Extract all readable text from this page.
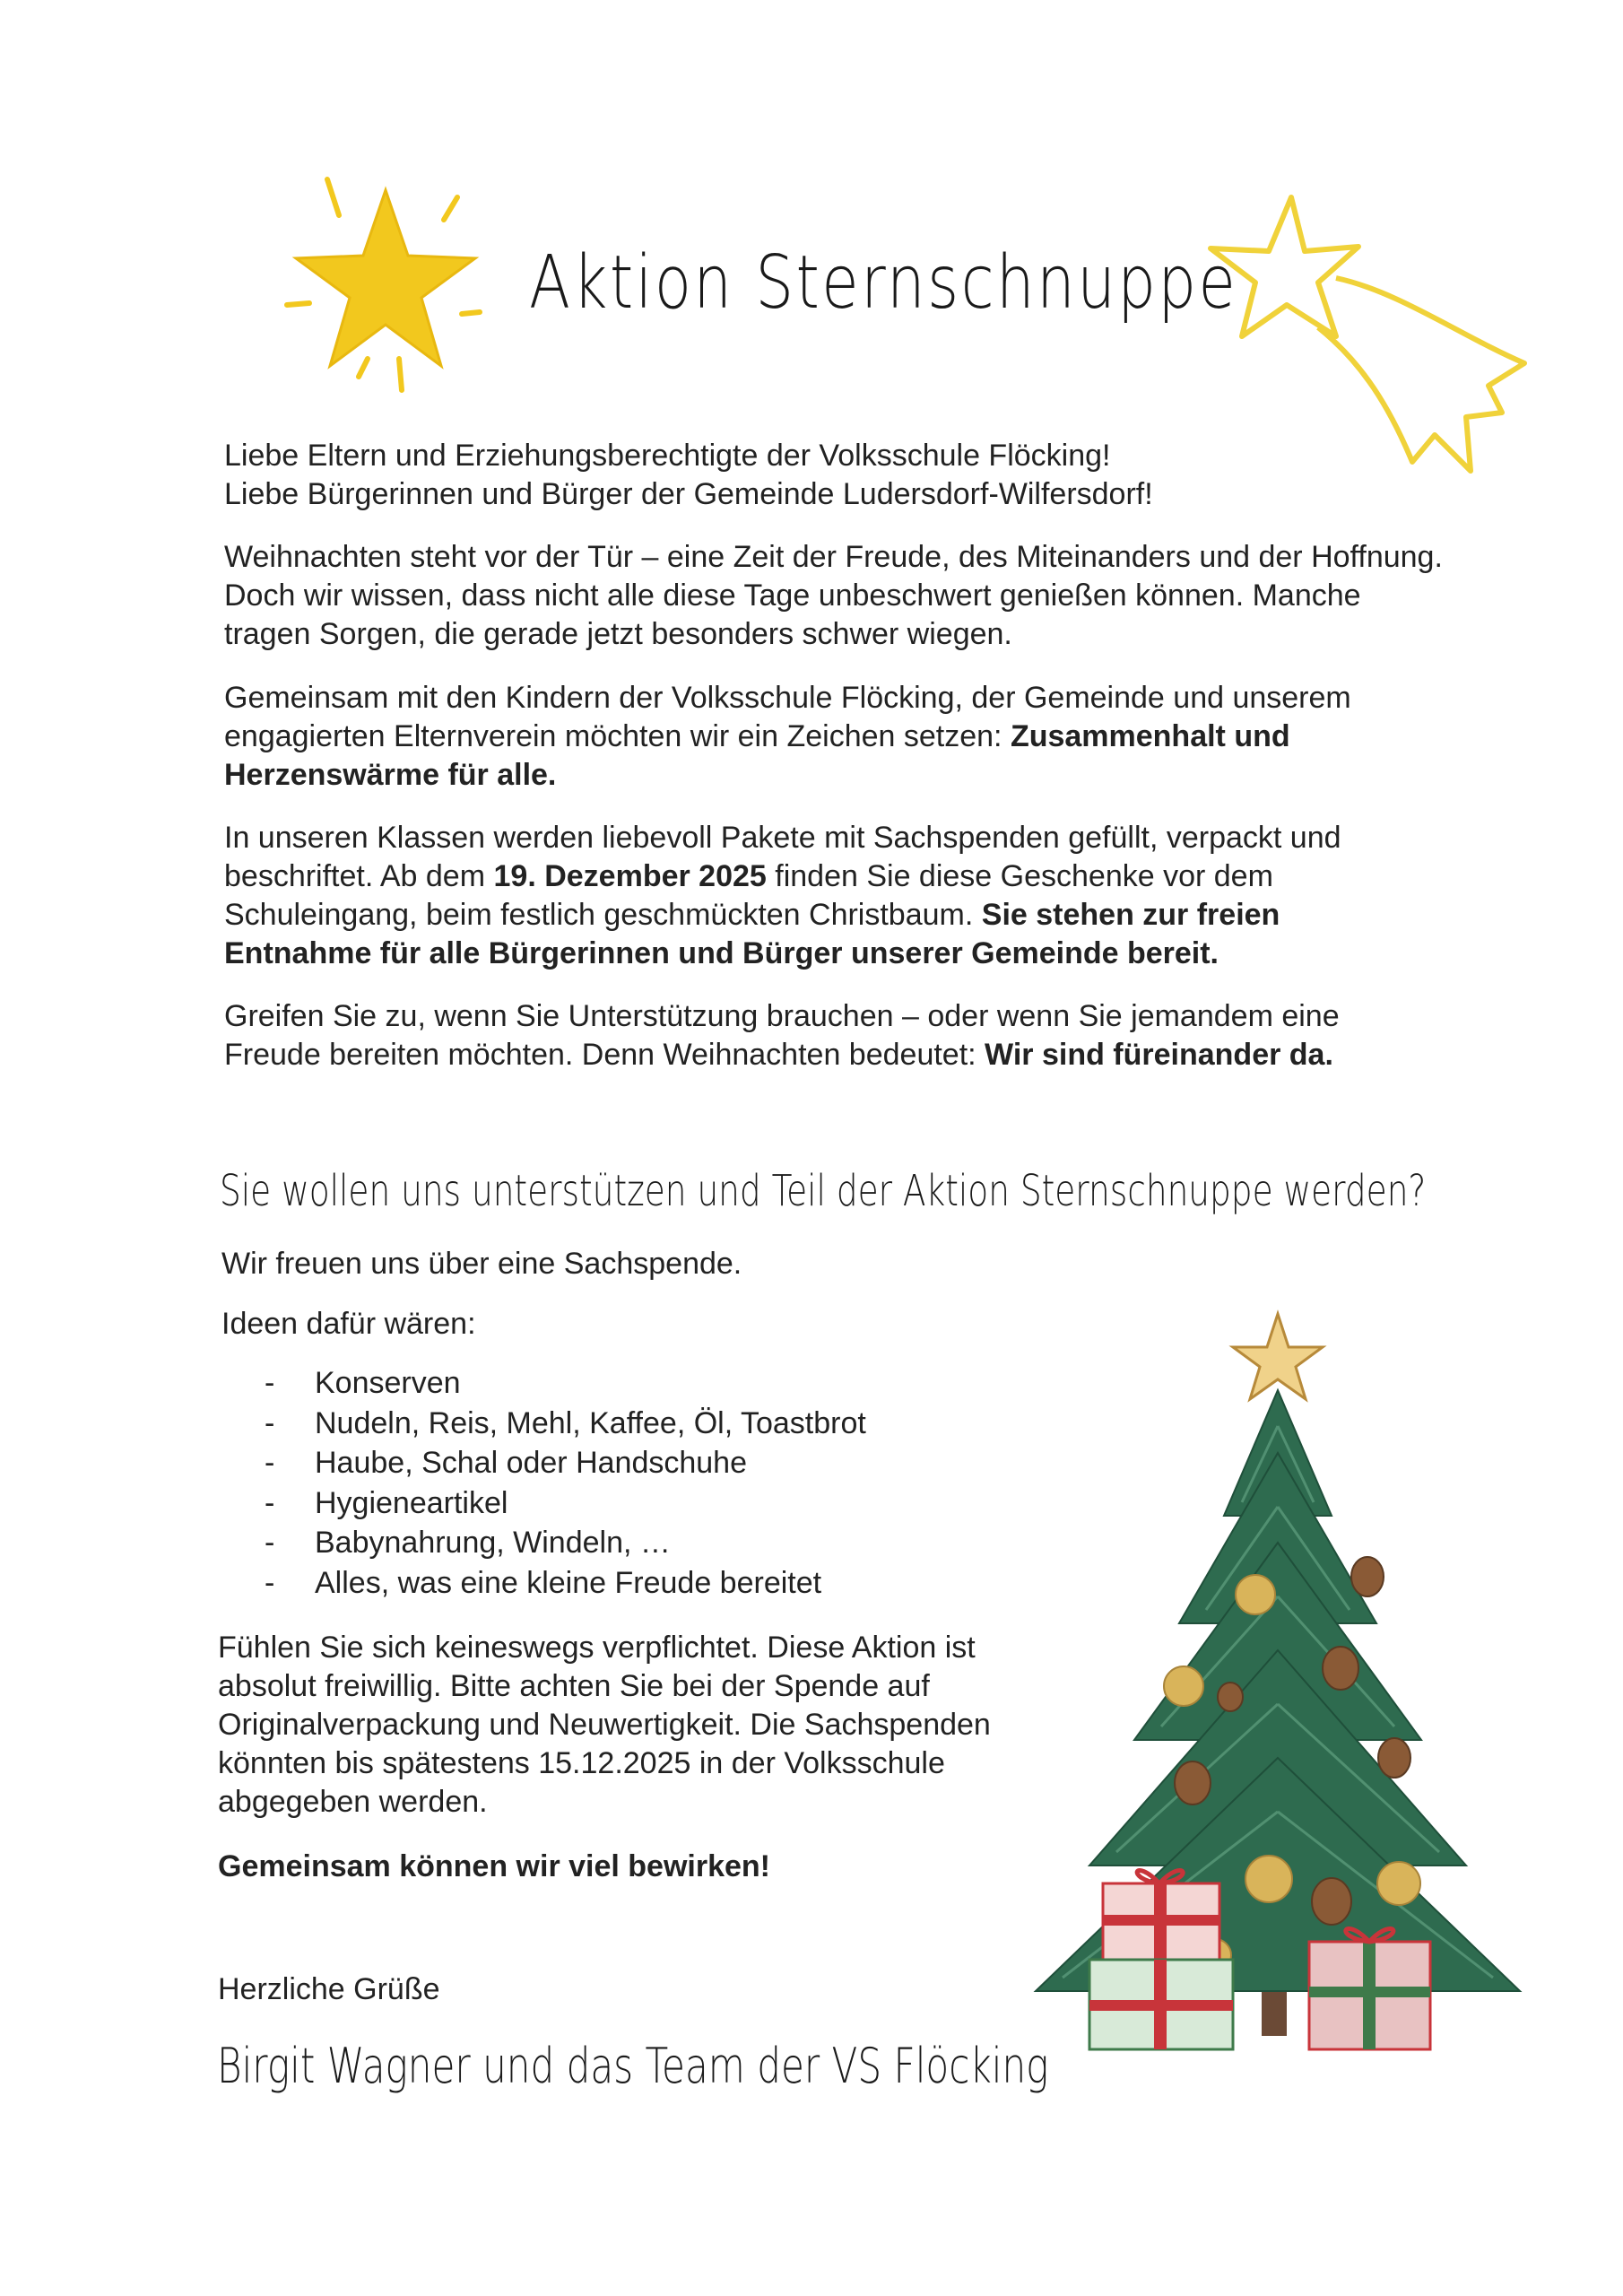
Aktion Sternschnuppe
Liebe Eltern und Erziehungsberechtigte der Volksschule Flöcking!
Liebe Bürgerinnen und Bürger der Gemeinde Ludersdorf-Wilfersdorf!
Weihnachten steht vor der Tür – eine Zeit der Freude, des Miteinanders und der Hoffnung. Doch wir wissen, dass nicht alle diese Tage unbeschwert genießen können. Manche tragen Sorgen, die gerade jetzt besonders schwer wiegen.
Gemeinsam mit den Kindern der Volksschule Flöcking, der Gemeinde und unserem engagierten Elternverein möchten wir ein Zeichen setzen: Zusammenhalt und Herzenswärme für alle.
In unseren Klassen werden liebevoll Pakete mit Sachspenden gefüllt, verpackt und beschriftet. Ab dem 19. Dezember 2025 finden Sie diese Geschenke vor dem Schuleingang, beim festlich geschmückten Christbaum. Sie stehen zur freien Entnahme für alle Bürgerinnen und Bürger unserer Gemeinde bereit.
Greifen Sie zu, wenn Sie Unterstützung brauchen – oder wenn Sie jemandem eine Freude bereiten möchten. Denn Weihnachten bedeutet: Wir sind füreinander da.
Sie wollen uns unterstützen und Teil der Aktion Sternschnuppe werden?
Wir freuen uns über eine Sachspende.
Ideen dafür wären:
- Konserven
- Nudeln, Reis, Mehl, Kaffee, Öl, Toastbrot
- Haube, Schal oder Handschuhe
- Hygieneartikel
- Babynahrung, Windeln, …
- Alles, was eine kleine Freude bereitet
Fühlen Sie sich keineswegs verpflichtet. Diese Aktion ist absolut freiwillig. Bitte achten Sie bei der Spende auf Originalverpackung und Neuwertigkeit. Die Sachspenden könnten bis spätestens 15.12.2025 in der Volksschule abgegeben werden.
Gemeinsam können wir viel bewirken!
Herzliche Grüße
Birgit Wagner und das Team der VS Flöcking
